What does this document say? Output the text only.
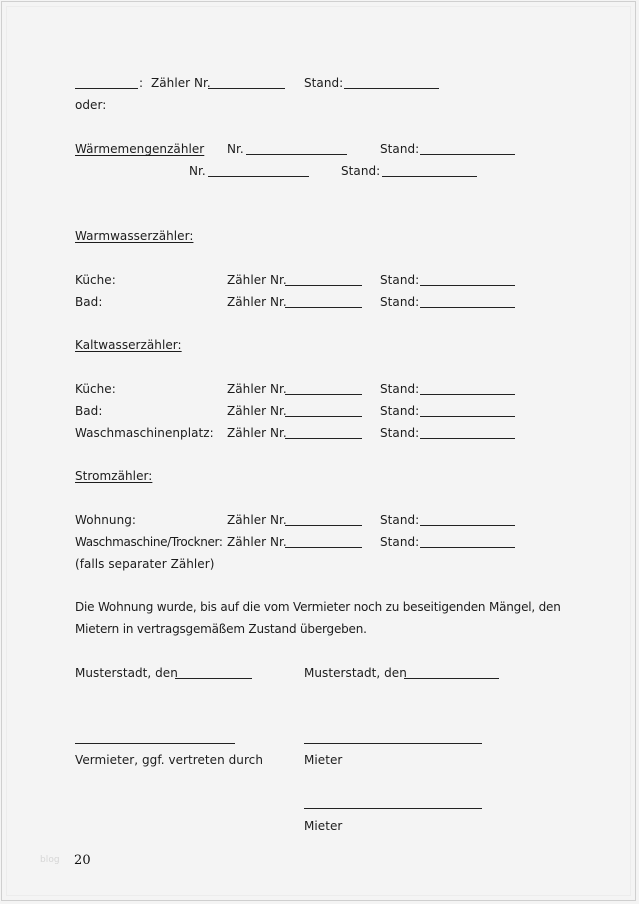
: Zähler Nr.	Stand:
oder:
Wärmemengenzähler Nr.	Stand:
Nr.	Stand:
Warmwasserzähler:
Küche:	Zähler Nr.	Stand:
Bad:	Zähler Nr.	Stand:
Kaltwasserzähler:
Küche:	Zähler Nr.	Stand:
Bad:	Zähler Nr.	Stand:
Waschmaschinenplatz: Zähler Nr.	Stand:
Stromzähler:
Wohnung:	Zähler Nr.	Stand:
Waschmaschine/Trockner: Zähler Nr.	Stand:
(falls separater Zähler)
Die Wohnung wurde, bis auf die vom Vermieter noch zu beseitigenden Mängel, den
Mietern in vertragsgemäßem Zustand übergeben.
Musterstadt, den	Musterstadt, den
Vermieter, ggf. vertreten durch	Mieter
Mieter
blog 20
